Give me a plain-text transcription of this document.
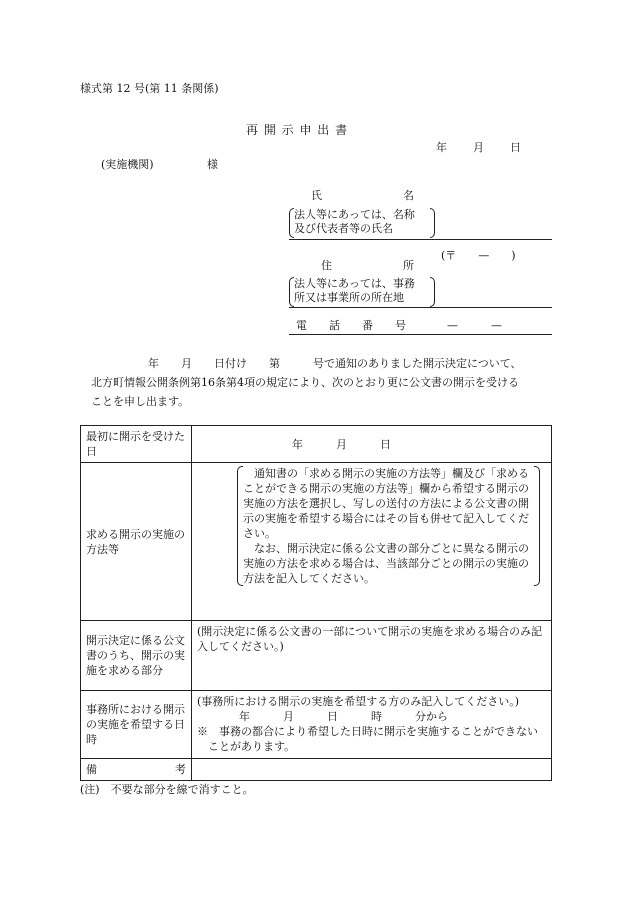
様式第 12 号(第 11 条関係)
再 開 示 申 出 書
年 月 日
(実施機関)	様
氏	名
法人等にあっては、名称
及び代表者等の氏名
(〒　　—　　)
住	所
法人等にあっては、事務
所又は事業所の所在地
電　　話　　番　　号	—　　　—
年　　月　　日付け　　第　　　号で通知のありました開示決定について、
北方町情報公開条例第16条第4項の規定により、次のとおり更に公文書の開示を受ける
ことを申し出ます。
最初に開示を受けた日	年　　　月　　　日
求める開示の実施の方法等	通知書の「求める開示の実施の方法等」欄及び「求めることができる開示の実施の方法等」欄から希望する開示の実施の方法を選択し、写しの送付の方法による公文書の開示の実施を希望する場合にはその旨も併せて記入してください。
なお、開示決定に係る公文書の部分ごとに異なる開示の実施の方法を求める場合は、当該部分ごとの開示の実施の方法を記入してください。

開示決定に係る公文書のうち、開示の実施を求める部分	(開示決定に係る公文書の一部について開示の実施を求める場合のみ記入してください。)

事務所における開示の実施を希望する日時	(事務所における開示の実施を希望する方のみ記入してください。)
年　　　月　　　日　　　時　　　分から
※　事務の都合により希望した日時に開示を実施することができないことがあります。

備 考	

(注)　不要な部分を線で消すこと。
